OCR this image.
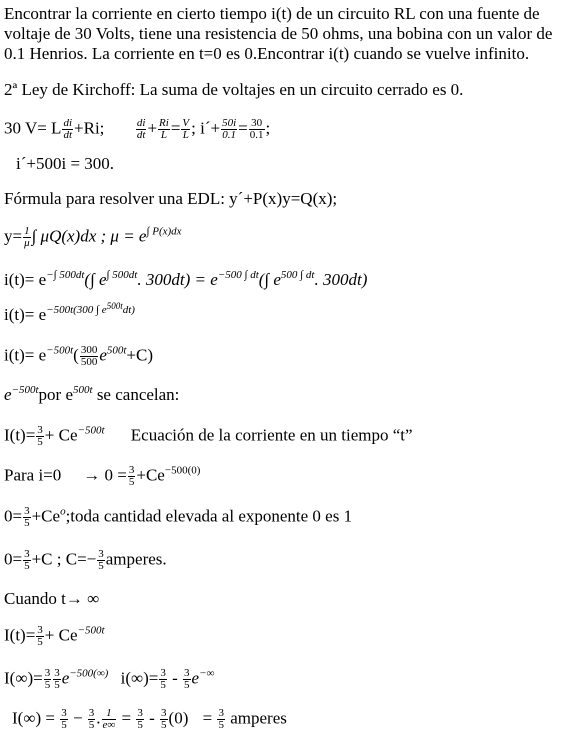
Encontrar la corriente en cierto tiempo i(t) de un circuito RL con una fuente de
voltaje de 30 Volts, tiene una resistencia de 50 ohms, una bobina con un valor de
0.1 Henrios. La corriente en t=0 es 0.Encontrar i(t) cuando se vuelve infinito.
2ª Ley de Kirchoff: La suma de voltajes en un circuito cerrado es 0.
30 V= L $\frac{di}{dt} +Ri$;	$\frac{di}{dt} + \frac{Ri}{L} = \frac{V}{L}$ ; i´+ $\frac{50i}{0.1} = \frac{30}{0.1}$ ;
i´+500i = 300.
Fórmula para resolver una EDL: y´+P(x)y=Q(x);
$y= \frac{1}{\mu}$ ∫ μQ(x)dx ; $\mu = e^{\int P(x)dx}$
$i(t)= e^{-\int 500dt}(\int$ $e^{\int 500dt}$. $300dt) = e^{-500 \int dt}(\int$ $e^{500 \int dt}$. 300dt)
$i(t)= e^{-500t(300 \int e500tdt)}$
$i(t)= e^{-500t}( \frac{300}{500} e^{500t}+C)$
$e^{-500t}por$ $e^{500t}$ se cancelan:
$I(t)= \frac{3}{5} + Ce^{-500t}$ Ecuación de la corriente en un tiempo “t”
Para $i=0 \to 0 = \frac{3}{5} +Ce^{-500(0)}$
$0= \frac{3}{5}$ $+Ce^o;toda$ cantidad elevada al exponente 0 es 1
$0= \frac{3}{5} +C$ ; $C=- \frac{3}{5}$ amperes.
Cuando t→ ∞
$I(t)= \frac{3}{5} + Ce^{-500t}$
$I(\infty)= \frac{3}{5} \frac{3}{5} e^{-500(\infty)}$ $i(\infty)= \frac{3}{5} - \frac{3}{5} e^{-\infty}$
$I(\infty) = \frac{3}{5} - \frac{3}{5}$ . $\frac{1}{e\infty} = \frac{3}{5} - \frac{3}{5} (0) = \frac{3}{5}$ amperes
